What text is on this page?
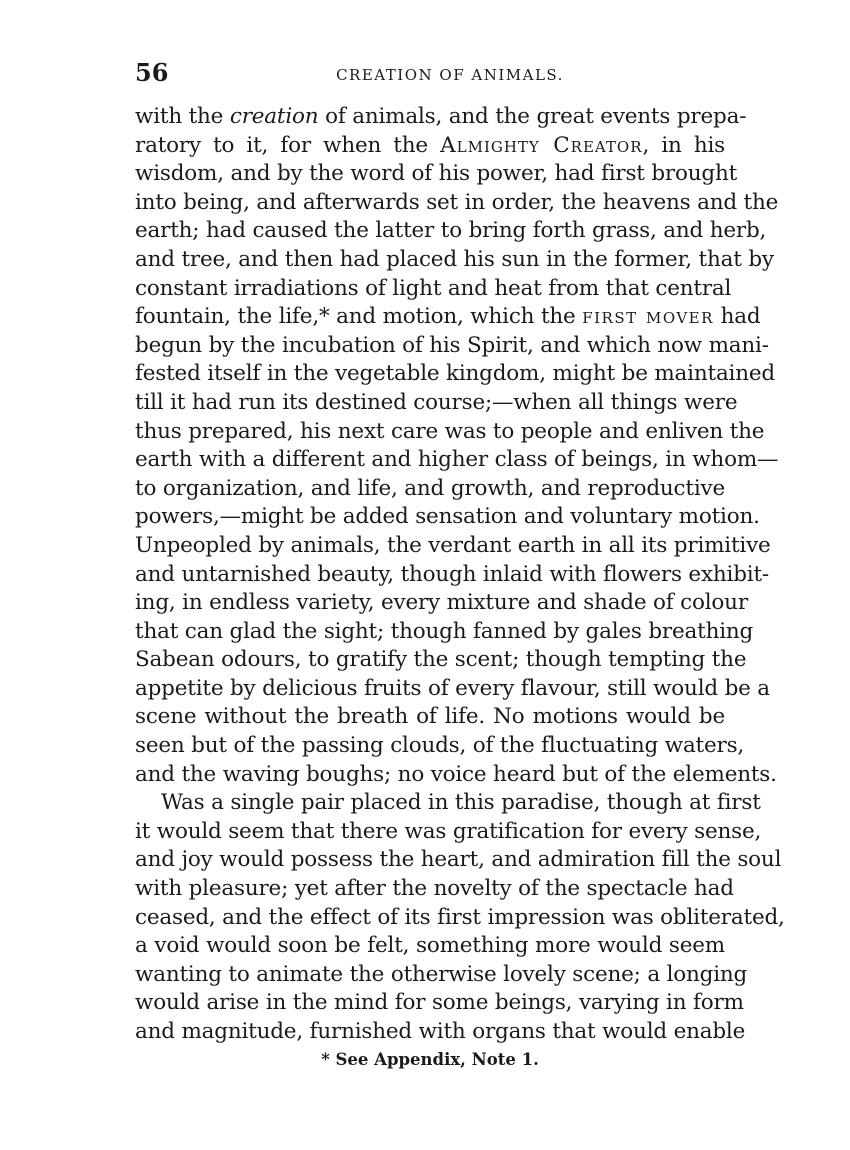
56	CREATION OF ANIMALS.
with the creation of animals, and the great events prepa-
ratory to it, for when the Almighty Creator, in his
wisdom, and by the word of his power, had first brought
into being, and afterwards set in order, the heavens and the
earth; had caused the latter to bring forth grass, and herb,
and tree, and then had placed his sun in the former, that by
constant irradiations of light and heat from that central
fountain, the life,* and motion, which the first mover had
begun by the incubation of his Spirit, and which now mani-
fested itself in the vegetable kingdom, might be maintained
till it had run its destined course;—when all things were
thus prepared, his next care was to people and enliven the
earth with a different and higher class of beings, in whom—
to organization, and life, and growth, and reproductive
powers,—might be added sensation and voluntary motion.
Unpeopled by animals, the verdant earth in all its primitive
and untarnished beauty, though inlaid with flowers exhibit-
ing, in endless variety, every mixture and shade of colour
that can glad the sight; though fanned by gales breathing
Sabean odours, to gratify the scent; though tempting the
appetite by delicious fruits of every flavour, still would be a
scene without the breath of life. No motions would be
seen but of the passing clouds, of the fluctuating waters,
and the waving boughs; no voice heard but of the elements.
Was a single pair placed in this paradise, though at first
it would seem that there was gratification for every sense,
and joy would possess the heart, and admiration fill the soul
with pleasure; yet after the novelty of the spectacle had
ceased, and the effect of its first impression was obliterated,
a void would soon be felt, something more would seem
wanting to animate the otherwise lovely scene; a longing
would arise in the mind for some beings, varying in form
and magnitude, furnished with organs that would enable
* See Appendix, Note 1.
